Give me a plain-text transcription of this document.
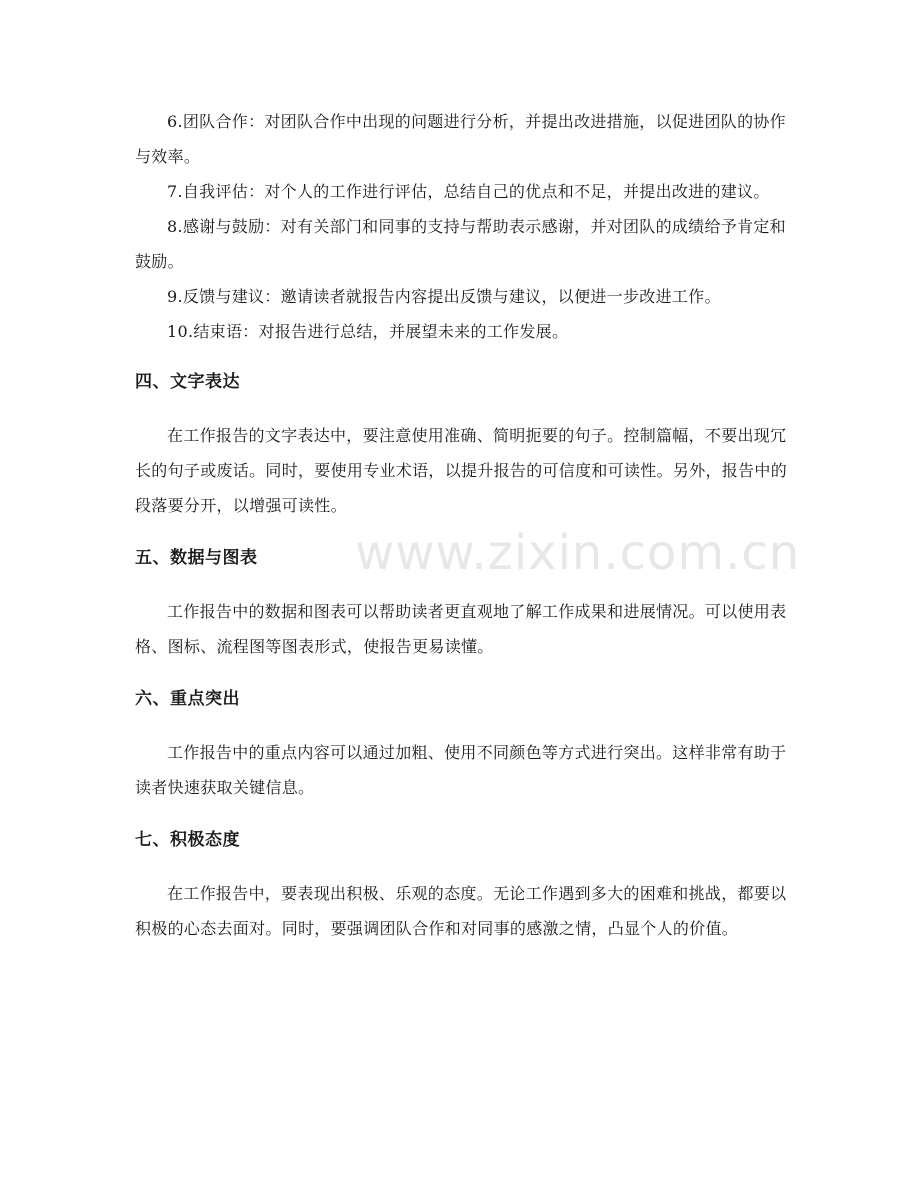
6.团队合作：对团队合作中出现的问题进行分析，并提出改进措施，以促进团队的协作与效率。

7.自我评估：对个人的工作进行评估，总结自己的优点和不足，并提出改进的建议。

8.感谢与鼓励：对有关部门和同事的支持与帮助表示感谢，并对团队的成绩给予肯定和鼓励。

9.反馈与建议：邀请读者就报告内容提出反馈与建议，以便进一步改进工作。

10.结束语：对报告进行总结，并展望未来的工作发展。

四、文字表达

在工作报告的文字表达中，要注意使用准确、简明扼要的句子。控制篇幅，不要出现冗长的句子或废话。同时，要使用专业术语，以提升报告的可信度和可读性。另外，报告中的段落要分开，以增强可读性。

五、数据与图表

工作报告中的数据和图表可以帮助读者更直观地了解工作成果和进展情况。可以使用表格、图标、流程图等图表形式，使报告更易读懂。

六、重点突出

工作报告中的重点内容可以通过加粗、使用不同颜色等方式进行突出。这样非常有助于读者快速获取关键信息。

七、积极态度

在工作报告中，要表现出积极、乐观的态度。无论工作遇到多大的困难和挑战，都要以积极的心态去面对。同时，要强调团队合作和对同事的感激之情，凸显个人的价值。

www.zixin.com.cn
